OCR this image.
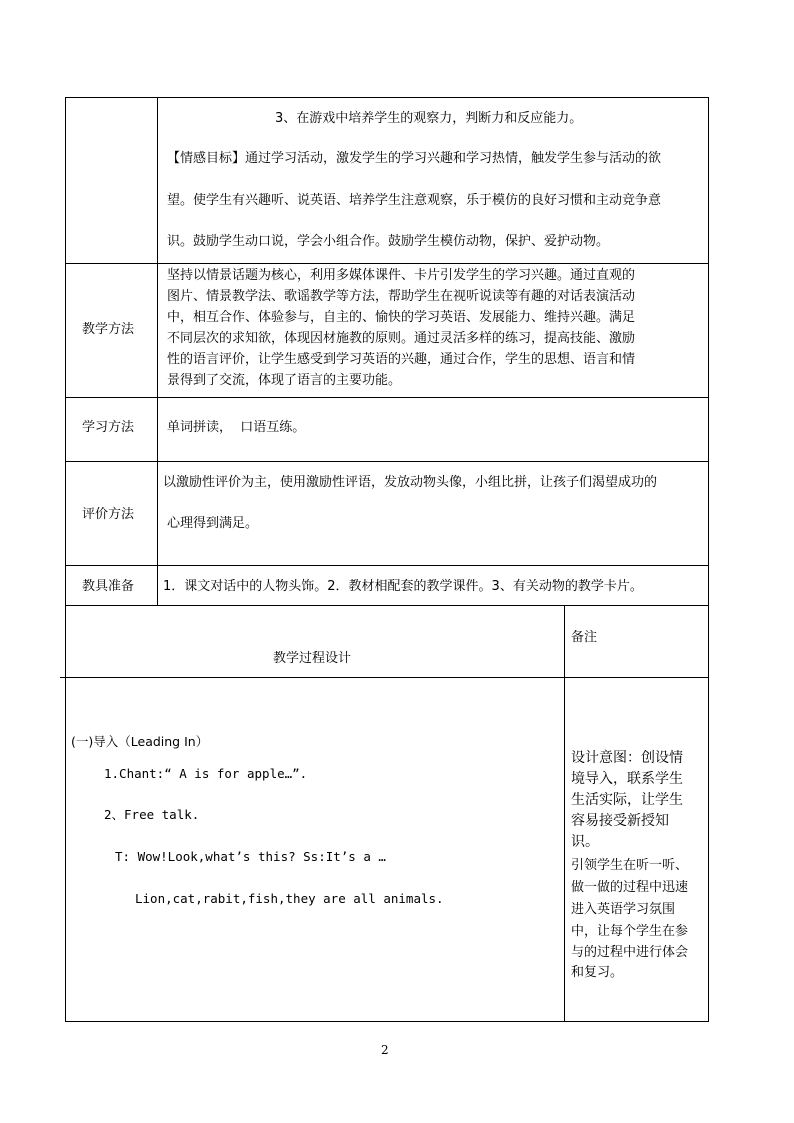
3、在游戏中培养学生的观察力，判断力和反应能力。
【情感目标】通过学习活动，激发学生的学习兴趣和学习热情，触发学生参与活动的欲
望。使学生有兴趣听、说英语、培养学生注意观察，乐于模仿的良好习惯和主动竞争意
识。鼓励学生动口说，学会小组合作。鼓励学生模仿动物，保护、爱护动物。
教学方法
坚持以情景话题为核心，利用多媒体课件、卡片引发学生的学习兴趣。通过直观的
图片、情景教学法、歌谣教学等方法，帮助学生在视听说读等有趣的对话表演活动
中，相互合作、体验参与，自主的、愉快的学习英语、发展能力、维持兴趣。满足
不同层次的求知欲，体现因材施教的原则。通过灵活多样的练习，提高技能、激励
性的语言评价，让学生感受到学习英语的兴趣，通过合作，学生的思想、语言和情
景得到了交流，体现了语言的主要功能。
学习方法	单词拼读，  口语互练。
评价方法
以激励性评价为主，使用激励性评语，发放动物头像，小组比拼，让孩子们渴望成功的
心理得到满足。
教具准备 1．课文对话中的人物头饰。2．教材相配套的教学课件。3、有关动物的教学卡片。
教学过程设计
备注
(一)导入（Leading In）
1.Chant:“ A is for apple…”.
2、Free talk.
T: Wow!Look,what’s this? Ss:It’s a …
Lion,cat,rabit,fish,they are all animals.
设计意图：创设情
境导入，联系学生
生活实际，让学生
容易接受新授知
识。
引领学生在听一听、
做一做的过程中迅速
进入英语学习氛围
中，让每个学生在参
与的过程中进行体会
和复习。
2
